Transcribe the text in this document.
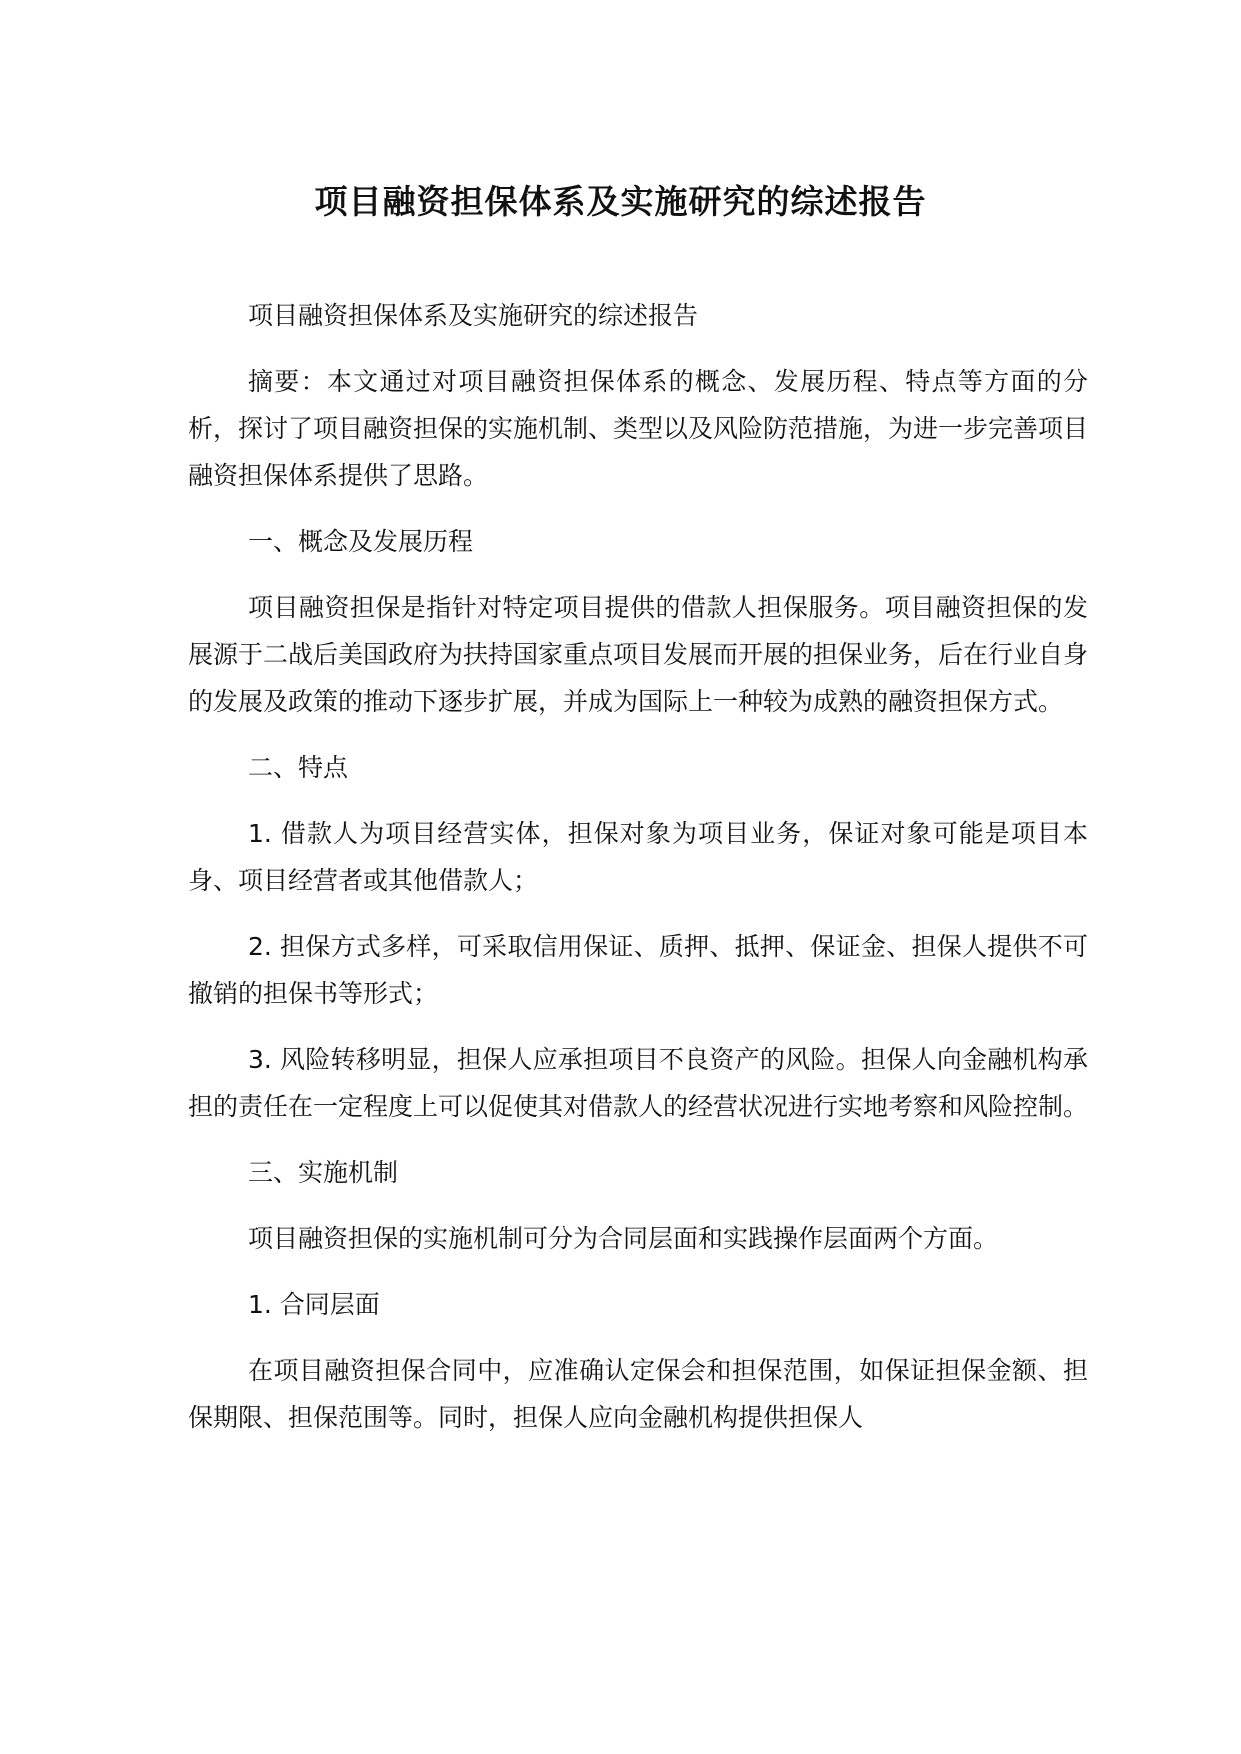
项目融资担保体系及实施研究的综述报告

项目融资担保体系及实施研究的综述报告

摘要：本文通过对项目融资担保体系的概念、发展历程、特点等方面的分析，探讨了项目融资担保的实施机制、类型以及风险防范措施，为进一步完善项目融资担保体系提供了思路。

一、概念及发展历程

项目融资担保是指针对特定项目提供的借款人担保服务。项目融资担保的发展源于二战后美国政府为扶持国家重点项目发展而开展的担保业务，后在行业自身的发展及政策的推动下逐步扩展，并成为国际上一种较为成熟的融资担保方式。

二、特点

1. 借款人为项目经营实体，担保对象为项目业务，保证对象可能是项目本身、项目经营者或其他借款人；

2. 担保方式多样，可采取信用保证、质押、抵押、保证金、担保人提供不可撤销的担保书等形式；

3. 风险转移明显，担保人应承担项目不良资产的风险。担保人向金融机构承担的责任在一定程度上可以促使其对借款人的经营状况进行实地考察和风险控制。

三、实施机制

项目融资担保的实施机制可分为合同层面和实践操作层面两个方面。

1. 合同层面

在项目融资担保合同中，应准确认定保会和担保范围，如保证担保金额、担保期限、担保范围等。同时，担保人应向金融机构提供担保人
